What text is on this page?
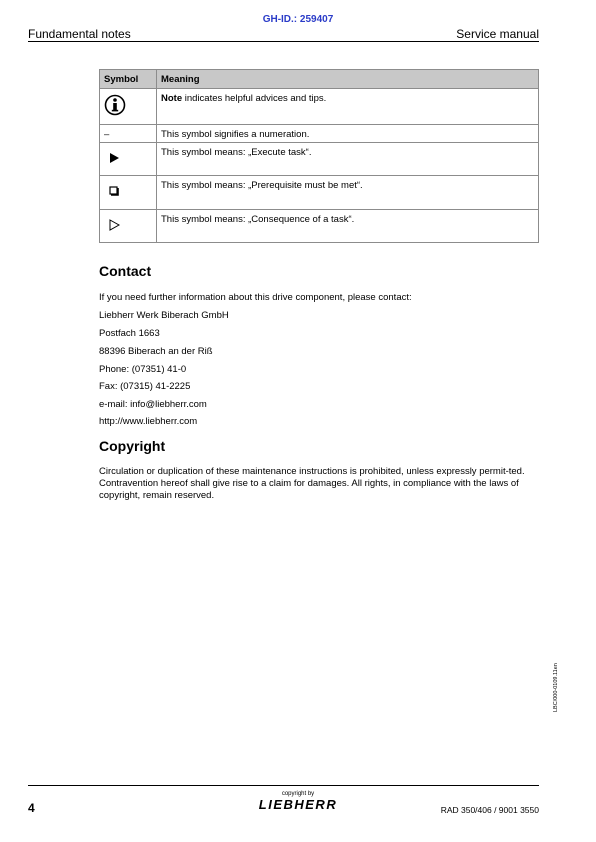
GH-ID.: 259407
Fundamental notes	Service manual
Symbol	Meaning
	Note indicates helpful advices and tips.
–	This symbol signifies a numeration.
	This symbol means: „Execute task“.
	This symbol means: „Prerequisite must be met“.
	This symbol means: „Consequence of a task“.
Contact
If you need further information about this drive component, please contact:
Liebherr Werk Biberach GmbH
Postfach 1663
88396 Biberach an der Riß
Phone: (07351) 41-0
Fax: (07315) 41-2225
e-mail: info@liebherr.com
http://www.liebherr.com
Copyright
Circulation or duplication of these maintenance instructions is prohibited, unless expressly permit-ted. Contravention hereof shall give rise to a claim for damages. All rights, in compliance with the laws of copyright, remain reserved.
4
copyright by
LIEBHERR	RAD 350/406 / 9001 3550
LBC/000-0109.11en
